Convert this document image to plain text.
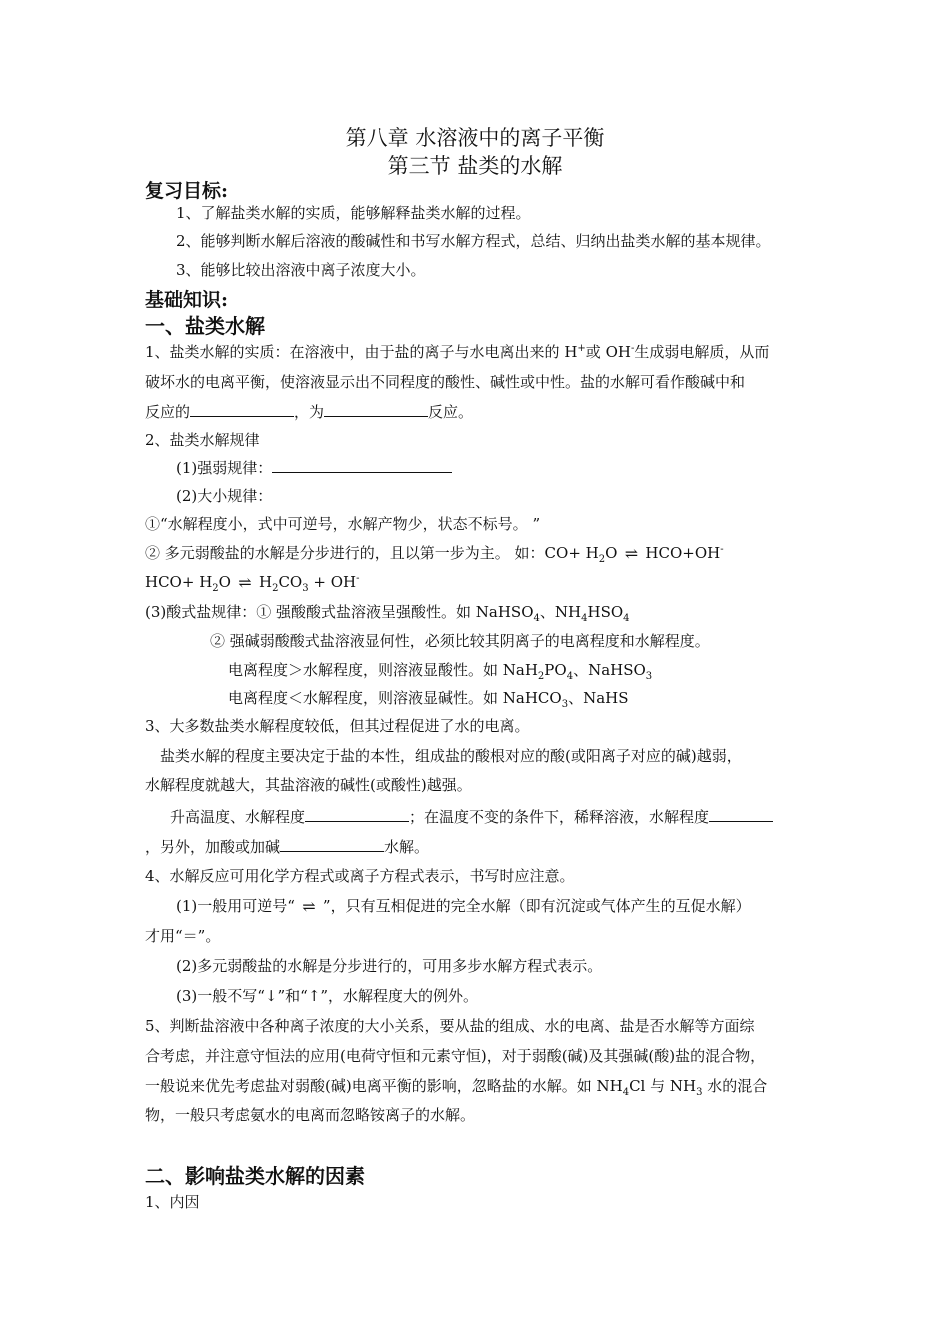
第八章 水溶液中的离子平衡
第三节 盐类的水解
复习目标:
1、了解盐类水解的实质，能够解释盐类水解的过程。
2、能够判断水解后溶液的酸碱性和书写水解方程式，总结、归纳出盐类水解的基本规律。
3、能够比较出溶液中离子浓度大小。
基础知识:
一、盐类水解
1、盐类水解的实质：在溶液中，由于盐的离子与水电离出来的 H+或 OH-生成弱电解质，从而
破坏水的电离平衡，使溶液显示出不同程度的酸性、碱性或中性。盐的水解可看作酸碱中和
反应的	，为	反应。
2、盐类水解规律
(1)强弱规律：
(2)大小规律：
①“水解程度小，式中可逆号，水解产物少，状态不标号。 ”
② 多元弱酸盐的水解是分步进行的，且以第一步为主。 如：$CO+ H_2O$ ⇌ HCO+OH-
$HCO+ H_2O$ ⇌ $H_2CO_3 + OH^-$
(3)酸式盐规律：① 强酸酸式盐溶液呈强酸性。如 NaHSO$_4$、$NH_4HSO_4$
② 强碱弱酸酸式盐溶液显何性，必须比较其阴离子的电离程度和水解程度。
电离程度＞水解程度，则溶液显酸性。如 $NaH_2PO_4$、NaHSO$_3$
电离程度＜水解程度，则溶液显碱性。如 NaHCO$_3$、NaHS
3、大多数盐类水解程度较低，但其过程促进了水的电离。
盐类水解的程度主要决定于盐的本性，组成盐的酸根对应的酸(或阳离子对应的碱)越弱，
水解程度就越大，其盐溶液的碱性(或酸性)越强。
升高温度、水解程度	；在温度不变的条件下，稀释溶液，水解程度
，另外，加酸或加碱	水解。
4、水解反应可用化学方程式或离子方程式表示，书写时应注意。
(1)一般用可逆号“ ⇌ ”，只有互相促进的完全水解（即有沉淀或气体产生的互促水解）
才用“＝”。
(2)多元弱酸盐的水解是分步进行的，可用多步水解方程式表示。
(3)一般不写“↓”和“↑”，水解程度大的例外。
5、判断盐溶液中各种离子浓度的大小关系，要从盐的组成、水的电离、盐是否水解等方面综
合考虑，并注意守恒法的应用(电荷守恒和元素守恒)，对于弱酸(碱)及其强碱(酸)盐的混合物，
一般说来优先考虑盐对弱酸(碱)电离平衡的影响，忽略盐的水解。如 $NH_4Cl$ 与 $NH_3$ 水的混合
物，一般只考虑氨水的电离而忽略铵离子的水解。
二、影响盐类水解的因素
1、内因
